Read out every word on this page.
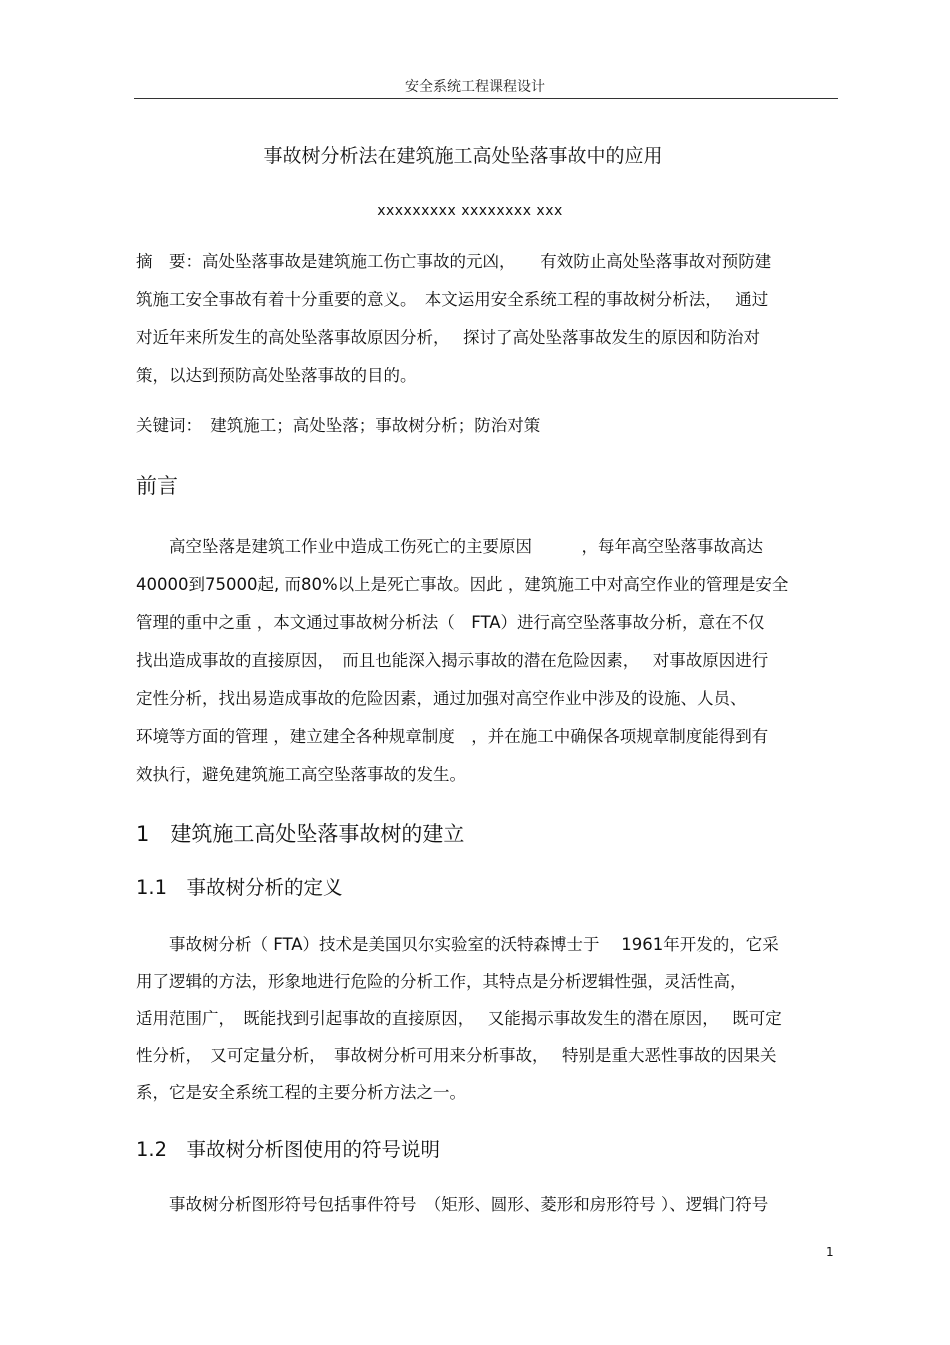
安全系统工程课程设计
事故树分析法在建筑施工高处坠落事故中的应用
xxxxxxxxx xxxxxxxx xxx
摘　要：高处坠落事故是建筑施工伤亡事故的元凶，　　有效防止高处坠落事故对预防建
筑施工安全事故有着十分重要的意义。　本文运用安全系统工程的事故树分析法，　 通过
对近年来所发生的高处坠落事故原因分析，　 探讨了高处坠落事故发生的原因和防治对
策，以达到预防高处坠落事故的目的。
关键词：　建筑施工；高处坠落；事故树分析；防治对策
前言
　　高空坠落是建筑工作业中造成工伤死亡的主要原因　　　，每年高空坠落事故高达
40000到75000起, 而80%以上是死亡事故。因此 ，建筑施工中对高空作业的管理是安全
管理的重中之重 ，本文通过事故树分析法（　FTA）进行高空坠落事故分析，意在不仅
找出造成事故的直接原因，　而且也能深入揭示事故的潜在危险因素，　 对事故原因进行
定性分析，找出易造成事故的危险因素，通过加强对高空作业中涉及的设施、人员、
环境等方面的管理 ，建立建全各种规章制度　，并在施工中确保各项规章制度能得到有
效执行，避免建筑施工高空坠落事故的发生。
1　建筑施工高处坠落事故树的建立
1.1　事故树分析的定义
　　事故树分析（ FTA）技术是美国贝尔实验室的沃特森博士于　 1961年开发的，它采
用了逻辑的方法，形象地进行危险的分析工作，其特点是分析逻辑性强，灵活性高，
适用范围广，　既能找到引起事故的直接原因，　 又能揭示事故发生的潜在原因，　 既可定
性分析，　又可定量分析，　事故树分析可用来分析事故，　 特别是重大恶性事故的因果关
系，它是安全系统工程的主要分析方法之一。
1.2　事故树分析图使用的符号说明
　　事故树分析图形符号包括事件符号　（矩形、圆形、菱形和房形符号 ）、逻辑门符号
1
